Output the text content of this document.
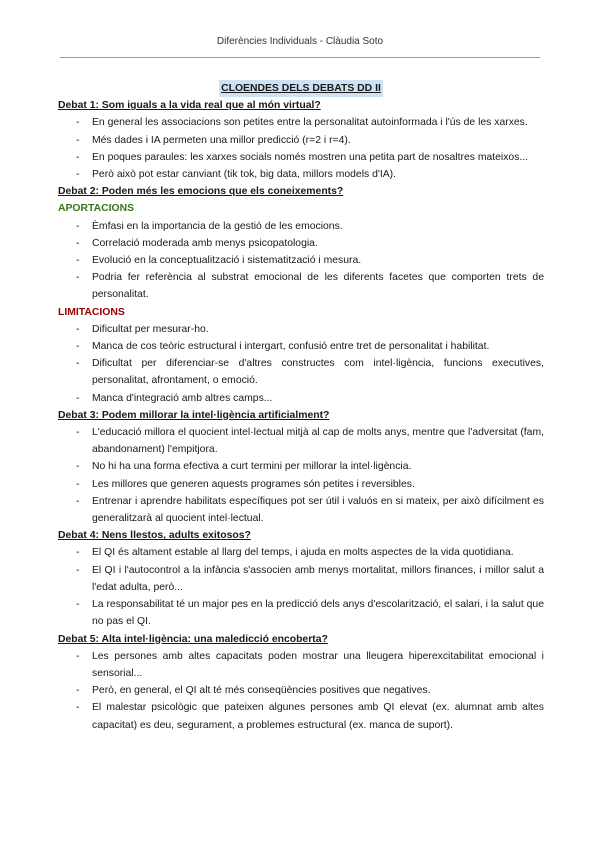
Diferències Individuals - Clàudia Soto
CLOENDES DELS DEBATS DD II
Debat 1: Som iguals a la vida real que al món virtual?
- En general les associacions son petites entre la personalitat autoinformada i l'ús de les xarxes.
- Més dades i IA permeten una millor predicció (r=2 i r=4).
- En poques paraules: les xarxes socials només mostren una petita part de nosaltres mateixos...
- Però això pot estar canviant (tik tok, big data, millors models d'IA).
Debat 2: Poden més les emocions que els coneixements?
APORTACIONS
- Èmfasi en la importancia de la gestió de les emocions.
- Correlació moderada amb menys psicopatologia.
- Evolució en la conceptualització i sistematització i mesura.
- Podria fer referència al substrat emocional de les diferents facetes que comporten trets de personalitat.
LIMITACIONS
- Dificultat per mesurar-ho.
- Manca de cos teòric estructural i intergart, confusió entre tret de personalitat i habilitat.
- Dificultat per diferenciar-se d'altres constructes com intel·ligència, funcions executives, personalitat, afrontament, o emoció.
- Manca d'integració amb altres camps...
Debat 3: Podem millorar la intel·ligència artificialment?
- L'educació millora el quocient intel·lectual mitjà al cap de molts anys, mentre que l'adversitat (fam, abandonament) l'empitjora.
- No hi ha una forma efectiva a curt termini per millorar la intel·ligència.
- Les millores que generen aquests programes són petites i reversibles.
- Entrenar i aprendre habilitats específiques pot ser útil i valuós en si mateix, per això difícilment es generalitzarà al quocient intel·lectual.
Debat 4: Nens llestos, adults exitosos?
- El QI és altament estable al llarg del temps, i ajuda en molts aspectes de la vida quotidiana.
- El QI i l'autocontrol a la infància s'associen amb menys mortalitat, millors finances, i millor salut a l'edat adulta, però...
- La responsabilitat té un major pes en la predicció dels anys d'escolarització, el salari, i la salut que no pas el QI.
Debat 5: Alta intel·ligència: una maledicció encoberta?
- Les persones amb altes capacitats poden mostrar una lleugera hiperexcitabilitat emocional i sensorial...
- Però, en general, el QI alt té més conseqüències positives que negatives.
- El malestar psicològic que pateixen algunes persones amb QI elevat (ex. alumnat amb altes capacitat) es deu, segurament, a problemes estructural (ex. manca de suport).
